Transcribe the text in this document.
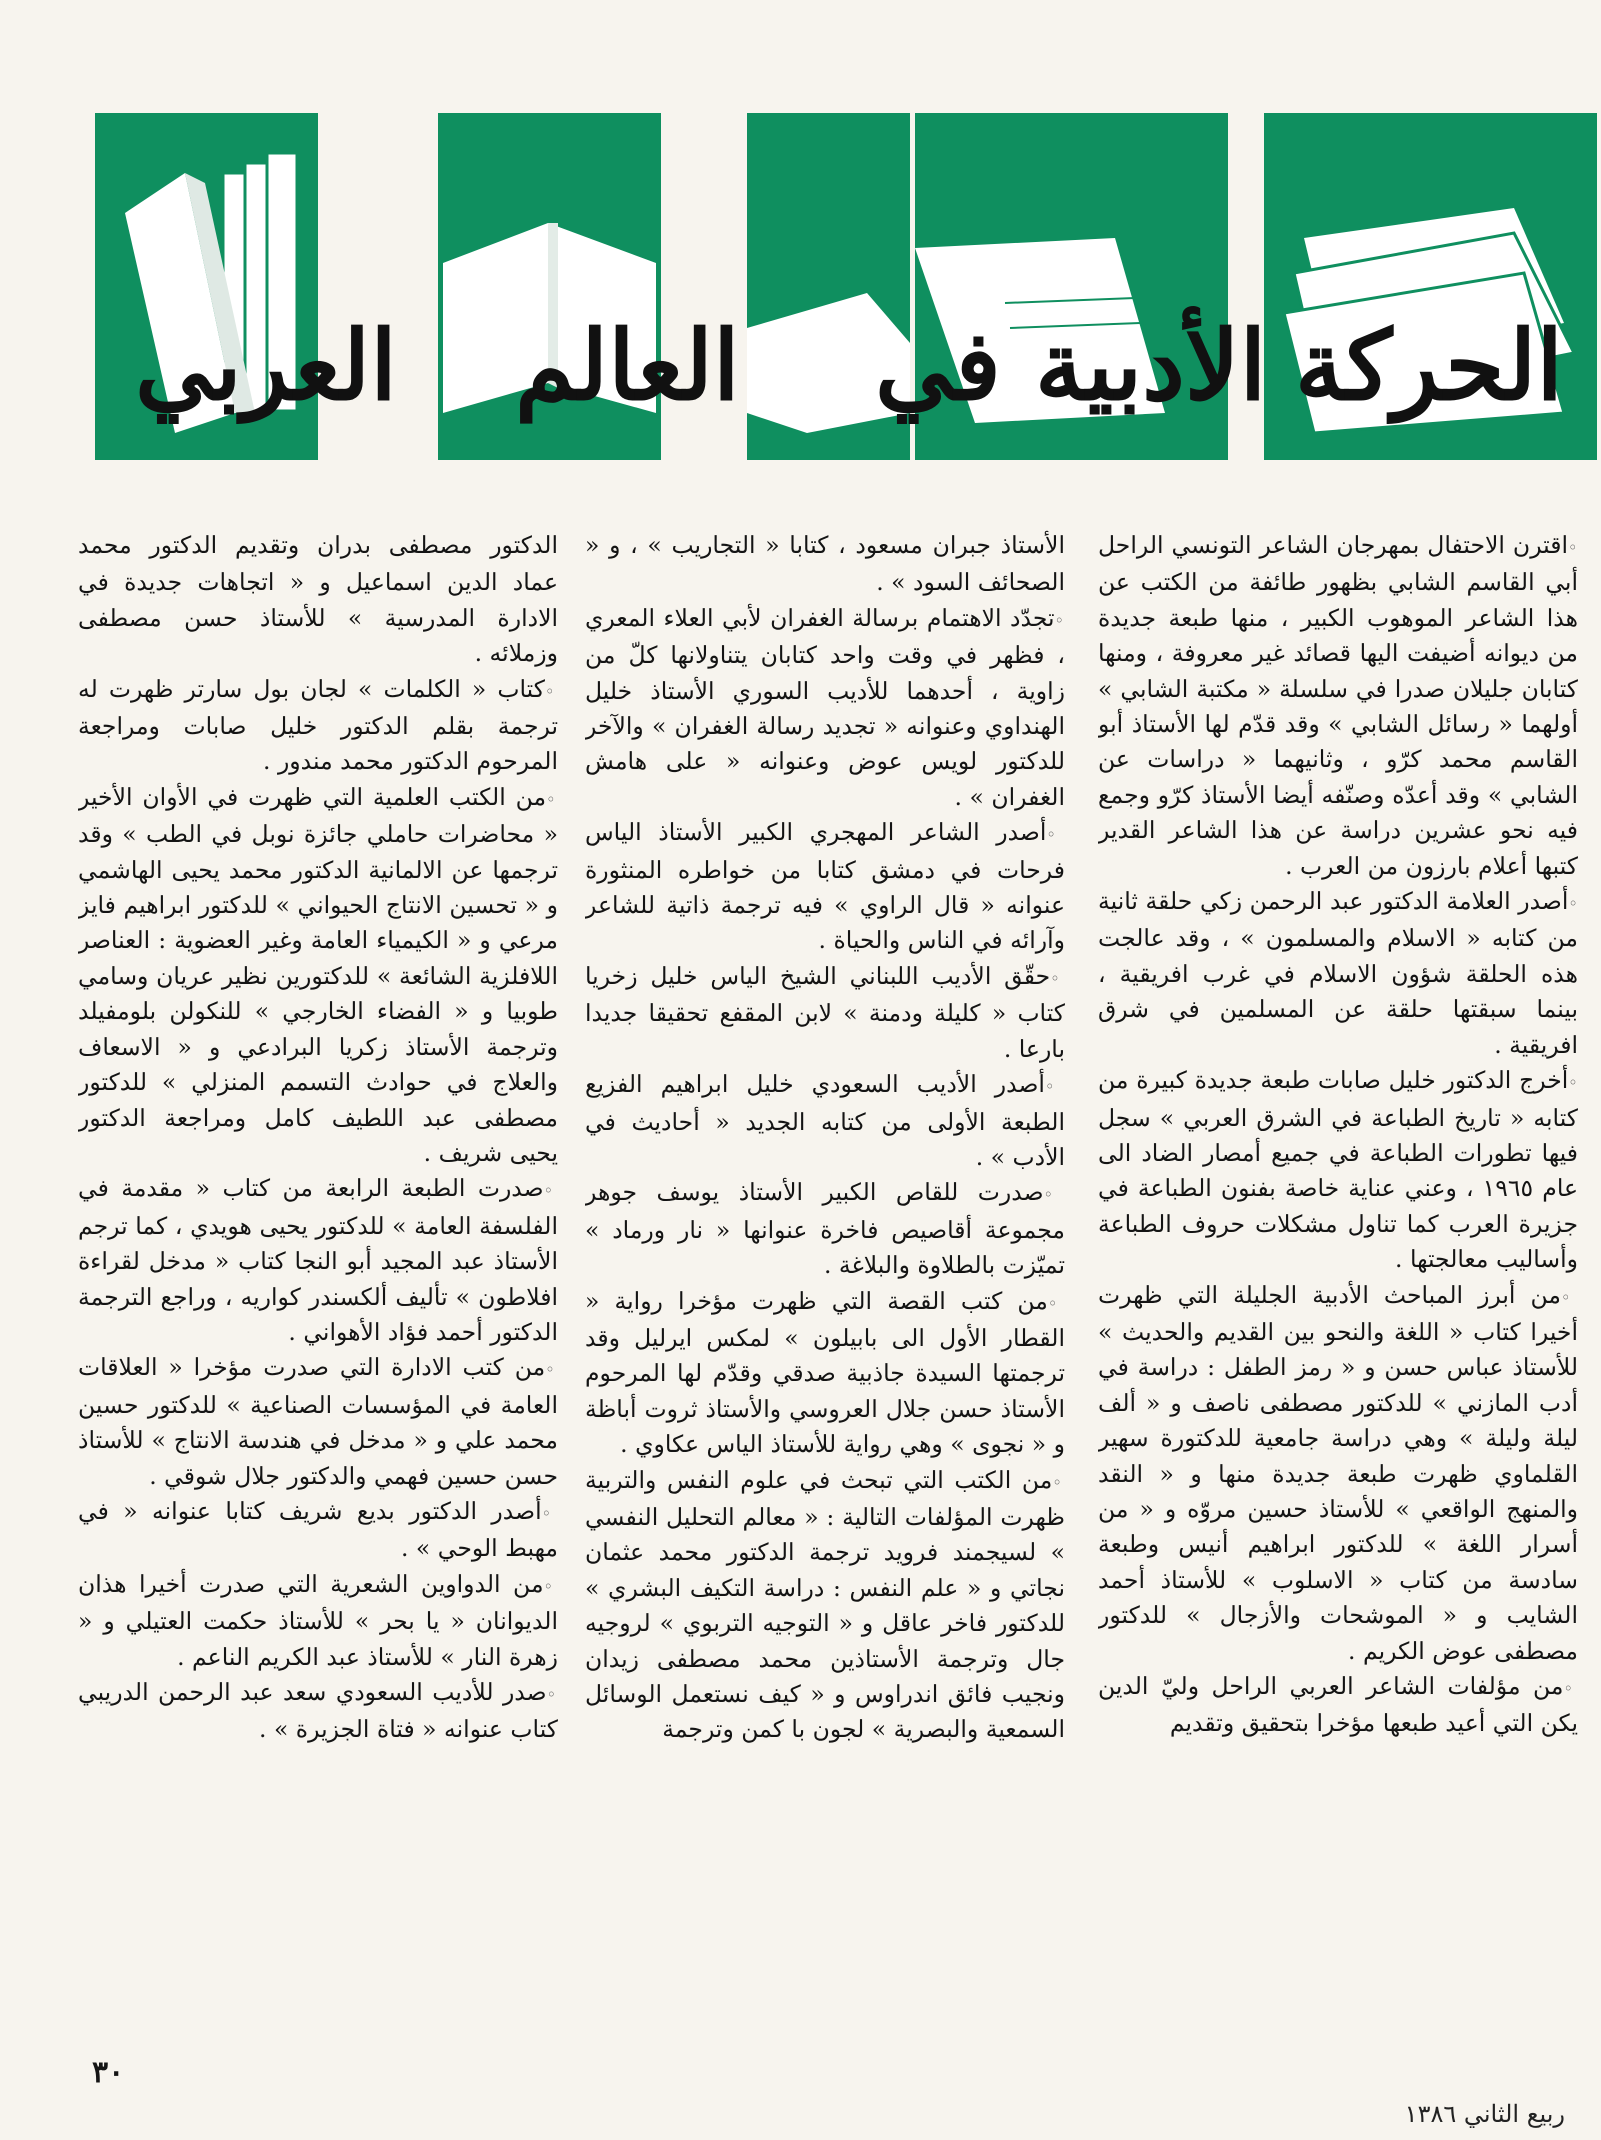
الحركة
الأدبية
في
العالم
العربي

◦ اقترن الاحتفال بمهرجان الشاعر التونسي الراحل أبي القاسم الشابي بظهور طائفة من الكتب عن هذا الشاعر الموهوب الكبير ، منها طبعة جديدة من ديوانه أضيفت اليها قصائد غير معروفة ، ومنها كتابان جليلان صدرا في سلسلة « مكتبة الشابي » أولهما « رسائل الشابي » وقد قدّم لها الأستاذ أبو القاسم محمد كرّو ، وثانيهما « دراسات عن الشابي » وقد أعدّه وصنّفه أيضا الأستاذ كرّو وجمع فيه نحو عشرين دراسة عن هذا الشاعر القدير كتبها أعلام بارزون من العرب .

◦ أصدر العلامة الدكتور عبد الرحمن زكي حلقة ثانية من كتابه « الاسلام والمسلمون » ، وقد عالجت هذه الحلقة شؤون الاسلام في غرب افريقية ، بينما سبقتها حلقة عن المسلمين في شرق افريقية .

◦ أخرج الدكتور خليل صابات طبعة جديدة كبيرة من كتابه « تاريخ الطباعة في الشرق العربي » سجل فيها تطورات الطباعة في جميع أمصار الضاد الى عام ١٩٦٥ ، وعني عناية خاصة بفنون الطباعة في جزيرة العرب كما تناول مشكلات حروف الطباعة وأساليب معالجتها .

◦ من أبرز المباحث الأدبية الجليلة التي ظهرت أخيرا كتاب « اللغة والنحو بين القديم والحديث » للأستاذ عباس حسن و « رمز الطفل : دراسة في أدب المازني » للدكتور مصطفى ناصف و « ألف ليلة وليلة » وهي دراسة جامعية للدكتورة سهير القلماوي ظهرت طبعة جديدة منها و « النقد والمنهج الواقعي » للأستاذ حسين مروّه و « من أسرار اللغة » للدكتور ابراهيم أنيس وطبعة سادسة من كتاب « الاسلوب » للأستاذ أحمد الشايب و « الموشحات والأزجال » للدكتور مصطفى عوض الكريم .

◦ من مؤلفات الشاعر العربي الراحل وليّ الدين يكن التي أعيد طبعها مؤخرا بتحقيق وتقديم

الأستاذ جبران مسعود ، كتابا « التجاريب » ، و « الصحائف السود » .

◦ تجدّد الاهتمام برسالة الغفران لأبي العلاء المعري ، فظهر في وقت واحد كتابان يتناولانها كلّ من زاوية ، أحدهما للأديب السوري الأستاذ خليل الهنداوي وعنوانه « تجديد رسالة الغفران » والآخر للدكتور لويس عوض وعنوانه « على هامش الغفران » .

◦ أصدر الشاعر المهجري الكبير الأستاذ الياس فرحات في دمشق كتابا من خواطره المنثورة عنوانه « قال الراوي » فيه ترجمة ذاتية للشاعر وآرائه في الناس والحياة .

◦ حقّق الأديب اللبناني الشيخ الياس خليل زخريا كتاب « كليلة ودمنة » لابن المقفع تحقيقا جديدا بارعا .

◦ أصدر الأديب السعودي خليل ابراهيم الفزيع الطبعة الأولى من كتابه الجديد « أحاديث في الأدب » .

◦ صدرت للقاص الكبير الأستاذ يوسف جوهر مجموعة أقاصيص فاخرة عنوانها « نار ورماد » تميّزت بالطلاوة والبلاغة .

◦ من كتب القصة التي ظهرت مؤخرا رواية « القطار الأول الى بابيلون » لمكس ايرليل وقد ترجمتها السيدة جاذبية صدقي وقدّم لها المرحوم الأستاذ حسن جلال العروسي والأستاذ ثروت أباظة و « نجوى » وهي رواية للأستاذ الياس عكاوي .

◦ من الكتب التي تبحث في علوم النفس والتربية ظهرت المؤلفات التالية : « معالم التحليل النفسي » لسيجمند فرويد ترجمة الدكتور محمد عثمان نجاتي و « علم النفس : دراسة التكيف البشري » للدكتور فاخر عاقل و « التوجيه التربوي » لروجيه جال وترجمة الأستاذين محمد مصطفى زيدان ونجيب فائق اندراوس و « كيف نستعمل الوسائل السمعية والبصرية » لجون با كمن وترجمة

الدكتور مصطفى بدران وتقديم الدكتور محمد عماد الدين اسماعيل و « اتجاهات جديدة في الادارة المدرسية » للأستاذ حسن مصطفى وزملائه .

◦ كتاب « الكلمات » لجان بول سارتر ظهرت له ترجمة بقلم الدكتور خليل صابات ومراجعة المرحوم الدكتور محمد مندور .

◦ من الكتب العلمية التي ظهرت في الأوان الأخير « محاضرات حاملي جائزة نوبل في الطب » وقد ترجمها عن الالمانية الدكتور محمد يحيى الهاشمي و « تحسين الانتاج الحيواني » للدكتور ابراهيم فايز مرعي و « الكيمياء العامة وغير العضوية : العناصر اللافلزية الشائعة » للدكتورين نظير عريان وسامي طوبيا و « الفضاء الخارجي » للنكولن بلومفيلد وترجمة الأستاذ زكريا البرادعي و « الاسعاف والعلاج في حوادث التسمم المنزلي » للدكتور مصطفى عبد اللطيف كامل ومراجعة الدكتور يحيى شريف .

◦ صدرت الطبعة الرابعة من كتاب « مقدمة في الفلسفة العامة » للدكتور يحيى هويدي ، كما ترجم الأستاذ عبد المجيد أبو النجا كتاب « مدخل لقراءة افلاطون » تأليف ألكسندر كواريه ، وراجع الترجمة الدكتور أحمد فؤاد الأهواني .

◦ من كتب الادارة التي صدرت مؤخرا « العلاقات العامة في المؤسسات الصناعية » للدكتور حسين محمد علي و « مدخل في هندسة الانتاج » للأستاذ حسن حسين فهمي والدكتور جلال شوقي .

◦ أصدر الدكتور بديع شريف كتابا عنوانه « في مهبط الوحي » .

◦ من الدواوين الشعرية التي صدرت أخيرا هذان الديوانان « يا بحر » للأستاذ حكمت العتيلي و « زهرة النار » للأستاذ عبد الكريم الناعم .

◦ صدر للأديب السعودي سعد عبد الرحمن الدريبي كتاب عنوانه « فتاة الجزيرة » .

٣٠
ربيع الثاني ١٣٨٦
